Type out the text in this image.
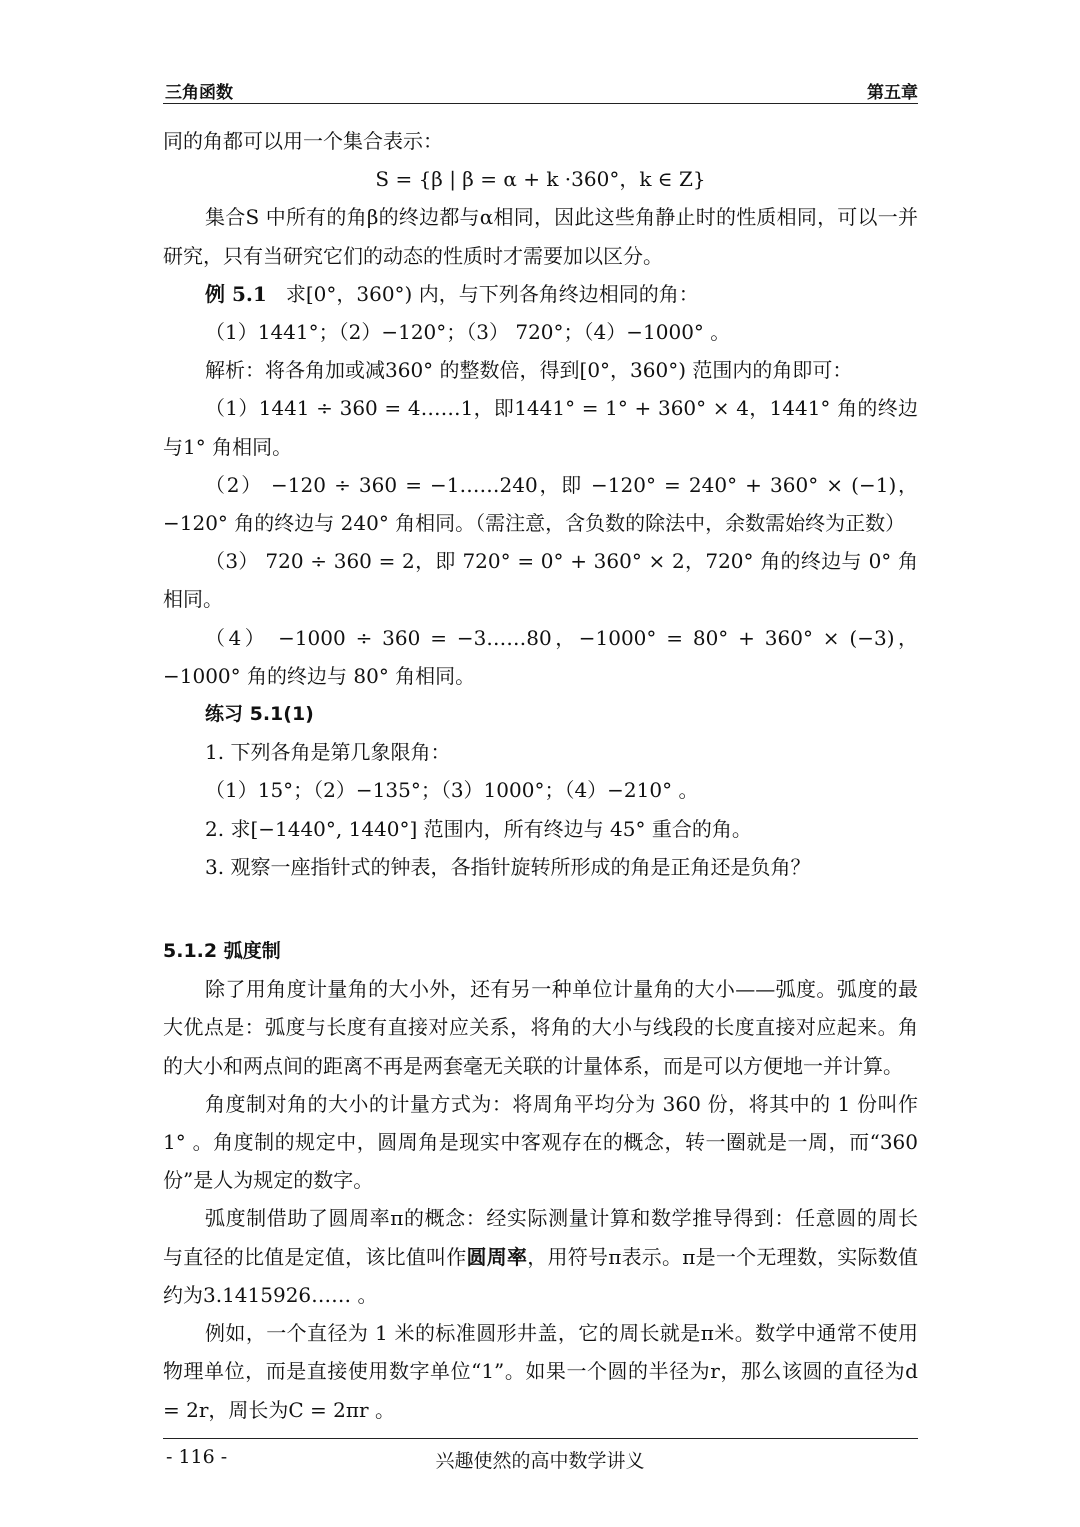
三角函数	第五章

同的角都可以用一个集合表示：

S = {β | β = α + k ·360°，k ∈ Z}

集合S 中所有的角β的终边都与α相同，因此这些角静止时的性质相同，可以一并研究，只有当研究它们的动态的性质时才需要加以区分。

例 5.1 求[0°，360°) 内，与下列各角终边相同的角：

（1）1441°；（2）−120°；（3） 720°；（4）−1000° 。

解析：将各角加或减360° 的整数倍，得到[0°，360°) 范围内的角即可：

（1）1441 ÷ 360 = 4……1，即1441° = 1° + 360° × 4，1441° 角的终边与1° 角相同。

（2） −120 ÷ 360 = −1……240，即 −120° = 240° + 360° × (−1)，−120° 角的终边与 240° 角相同。（需注意，含负数的除法中，余数需始终为正数）

（3） 720 ÷ 360 = 2，即 720° = 0° + 360° × 2，720° 角的终边与 0° 角相同。

（4） −1000 ÷ 360 = −3……80，−1000° = 80° + 360° × (−3)，−1000° 角的终边与 80° 角相同。

练习 5.1(1)

1. 下列各角是第几象限角：

（1）15°；（2）−135°；（3）1000°；（4）−210° 。

2. 求[−1440°, 1440°] 范围内，所有终边与 45° 重合的角。

3. 观察一座指针式的钟表，各指针旋转所形成的角是正角还是负角？

5.1.2 弧度制

除了用角度计量角的大小外，还有另一种单位计量角的大小——弧度。弧度的最大优点是：弧度与长度有直接对应关系，将角的大小与线段的长度直接对应起来。角的大小和两点间的距离不再是两套毫无关联的计量体系，而是可以方便地一并计算。

角度制对角的大小的计量方式为：将周角平均分为 360 份，将其中的 1 份叫作1° 。角度制的规定中，圆周角是现实中客观存在的概念，转一圈就是一周，而“360 份”是人为规定的数字。

弧度制借助了圆周率π的概念：经实际测量计算和数学推导得到：任意圆的周长与直径的比值是定值，该比值叫作圆周率，用符号π表示。π是一个无理数，实际数值约为3.1415926…… 。

例如，一个直径为 1 米的标准圆形井盖，它的周长就是π米。数学中通常不使用物理单位，而是直接使用数字单位“1”。如果一个圆的半径为r，那么该圆的直径为d = 2r，周长为C = 2πr 。

- 116 -	兴趣使然的高中数学讲义
